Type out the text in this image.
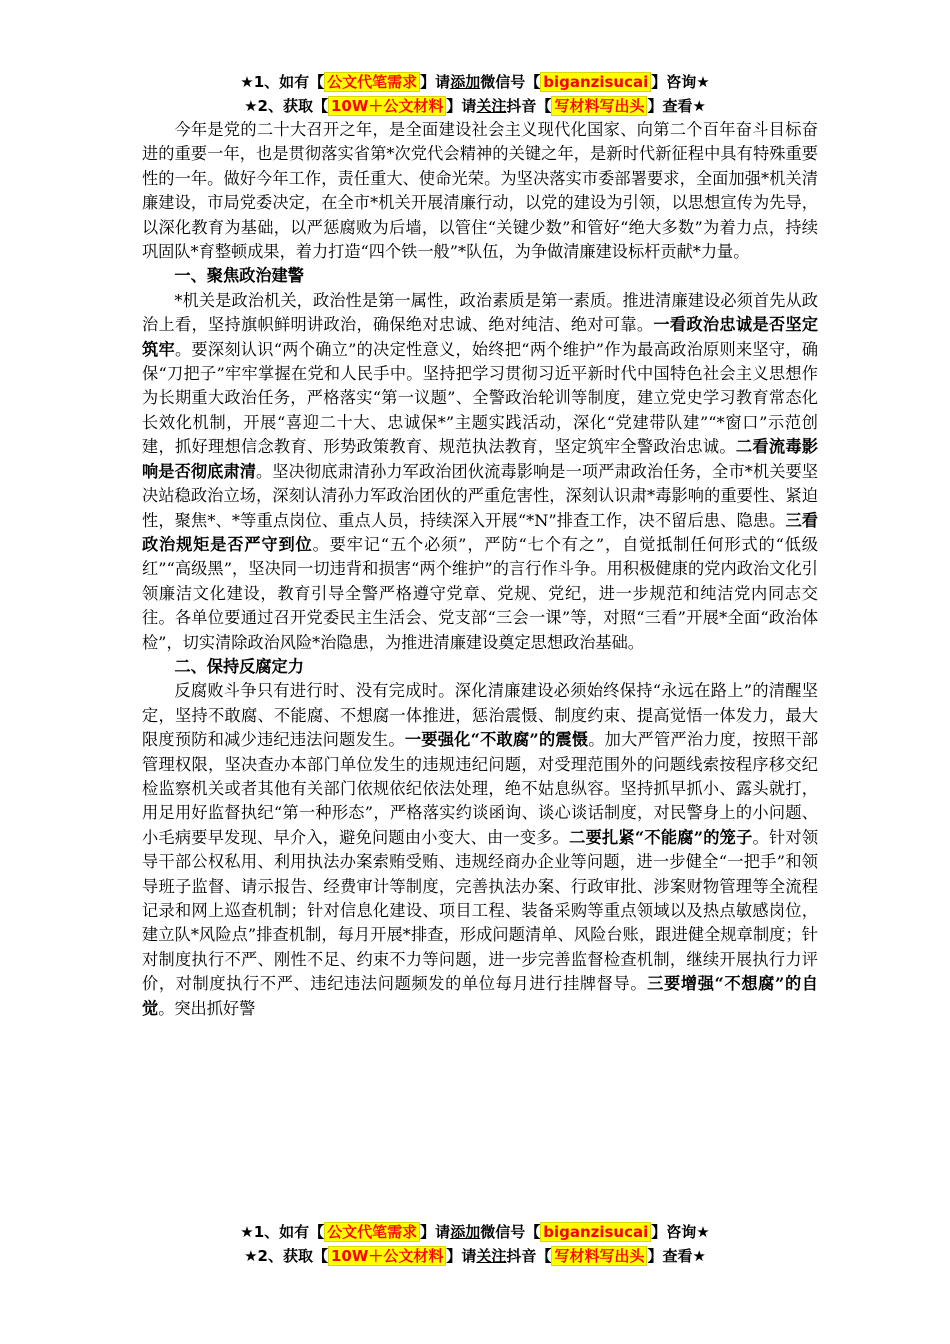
★1、如有【 公文代笔需求 】请添加微信号【 biganzisucai 】咨询★
★2、获取【 10W＋公文材料 】请关注抖音【 写材料写出头 】查看★

今年是党的二十大召开之年，是全面建设社会主义现代化国家、向第二个百年奋斗目标奋进的重要一年，也是贯彻落实省第*次党代会精神的关键之年，是新时代新征程中具有特殊重要性的一年。做好今年工作，责任重大、使命光荣。为坚决落实市委部署要求，全面加强*机关清廉建设，市局党委决定，在全市*机关开展清廉行动，以党的建设为引领，以思想宣传为先导，以深化教育为基础，以严惩腐败为后墙，以管住“关键少数”和管好“绝大多数”为着力点，持续巩固队*育整顿成果，着力打造“四个铁一般”*队伍，为争做清廉建设标杆贡献*力量。

一、聚焦政治建警

*机关是政治机关，政治性是第一属性，政治素质是第一素质。推进清廉建设必须首先从政治上看，坚持旗帜鲜明讲政治，确保绝对忠诚、绝对纯洁、绝对可靠。一看政治忠诚是否坚定筑牢。要深刻认识“两个确立”的决定性意义，始终把“两个维护”作为最高政治原则来坚守，确保“刀把子”牢牢掌握在党和人民手中。坚持把学习贯彻习近平新时代中国特色社会主义思想作为长期重大政治任务，严格落实“第一议题”、全警政治轮训等制度，建立党史学习教育常态化长效化机制，开展“喜迎二十大、忠诚保*”主题实践活动，深化“党建带队建”“*窗口”示范创建，抓好理想信念教育、形势政策教育、规范执法教育，坚定筑牢全警政治忠诚。二看流毒影响是否彻底肃清。坚决彻底肃清孙力军政治团伙流毒影响是一项严肃政治任务，全市*机关要坚决站稳政治立场，深刻认清孙力军政治团伙的严重危害性，深刻认识肃*毒影响的重要性、紧迫性，聚焦*、*等重点岗位、重点人员，持续深入开展“*N”排查工作，决不留后患、隐患。三看政治规矩是否严守到位。要牢记“五个必须”，严防“七个有之”，自觉抵制任何形式的“低级红”“高级黑”，坚决同一切违背和损害“两个维护”的言行作斗争。用积极健康的党内政治文化引领廉洁文化建设，教育引导全警严格遵守党章、党规、党纪，进一步规范和纯洁党内同志交往。各单位要通过召开党委民主生活会、党支部“三会一课”等，对照“三看”开展*全面“政治体检”，切实清除政治风险*治隐患，为推进清廉建设奠定思想政治基础。

二、保持反腐定力

反腐败斗争只有进行时、没有完成时。深化清廉建设必须始终保持“永远在路上”的清醒坚定，坚持不敢腐、不能腐、不想腐一体推进，惩治震慑、制度约束、提高觉悟一体发力，最大限度预防和减少违纪违法问题发生。一要强化“不敢腐”的震慑。加大严管严治力度，按照干部管理权限，坚决查办本部门单位发生的违规违纪问题，对受理范围外的问题线索按程序移交纪检监察机关或者其他有关部门依规依纪依法处理，绝不姑息纵容。坚持抓早抓小、露头就打，用足用好监督执纪“第一种形态”，严格落实约谈函询、谈心谈话制度，对民警身上的小问题、小毛病要早发现、早介入，避免问题由小变大、由一变多。二要扎紧“不能腐”的笼子。针对领导干部公权私用、利用执法办案索贿受贿、违规经商办企业等问题，进一步健全“一把手”和领导班子监督、请示报告、经费审计等制度，完善执法办案、行政审批、涉案财物管理等全流程记录和网上巡查机制；针对信息化建设、项目工程、装备采购等重点领域以及热点敏感岗位，建立队*风险点”排查机制，每月开展*排查，形成问题清单、风险台账，跟进健全规章制度；针对制度执行不严、刚性不足、约束不力等问题，进一步完善监督检查机制，继续开展执行力评价，对制度执行不严、违纪违法问题频发的单位每月进行挂牌督导。三要增强“不想腐”的自觉。突出抓好警

★1、如有【 公文代笔需求 】请添加微信号【 biganzisucai 】咨询★
★2、获取【 10W＋公文材料 】请关注抖音【 写材料写出头 】查看★
